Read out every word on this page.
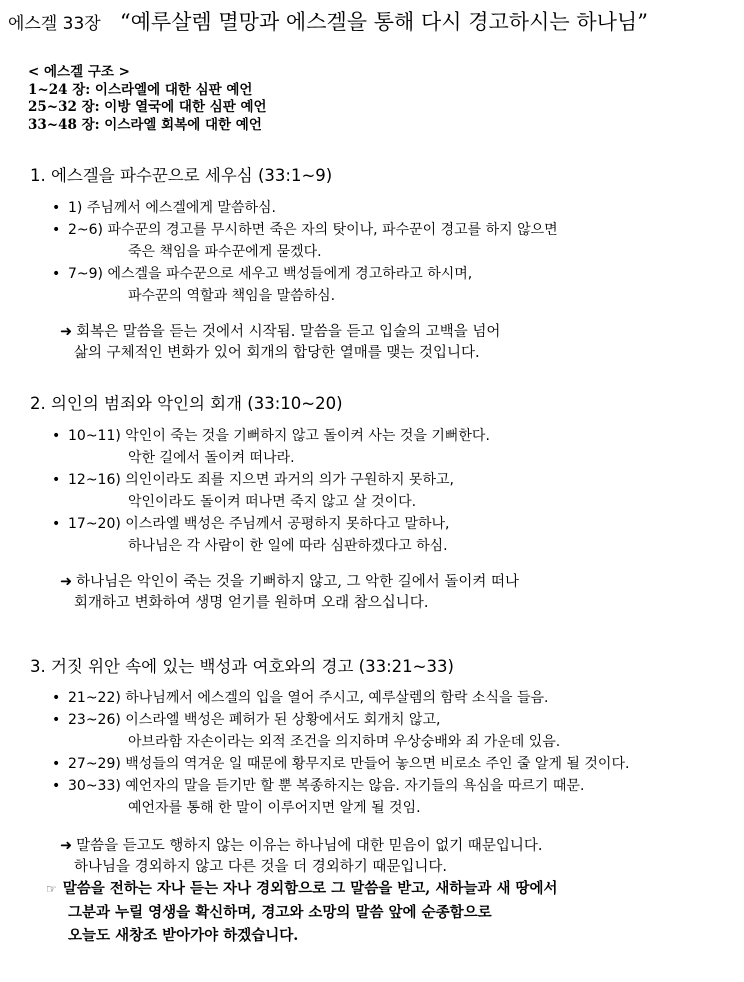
에스겔 33장 “예루살렘 멸망과 에스겔을 통해 다시 경고하시는 하나님”
< 에스겔 구조 >
1~24 장: 이스라엘에 대한 심판 예언
25~32 장: 이방 열국에 대한 심판 예언
33~48 장: 이스라엘 회복에 대한 예언
1. 에스겔을 파수꾼으로 세우심 (33:1~9)
• 1) 주님께서 에스겔에게 말씀하심.
• 2~6) 파수꾼의 경고를 무시하면 죽은 자의 탓이나, 파수꾼이 경고를 하지 않으면
죽은 책임을 파수꾼에게 묻겠다.
• 7~9) 에스겔을 파수꾼으로 세우고 백성들에게 경고하라고 하시며,
파수꾼의 역할과 책임을 말씀하심.
➜ 회복은 말씀을 듣는 것에서 시작됨. 말씀을 듣고 입술의 고백을 넘어
삶의 구체적인 변화가 있어 회개의 합당한 열매를 맺는 것입니다.
2. 의인의 범죄와 악인의 회개 (33:10~20)
• 10~11) 악인이 죽는 것을 기뻐하지 않고 돌이켜 사는 것을 기뻐한다.
악한 길에서 돌이켜 떠나라.
• 12~16) 의인이라도 죄를 지으면 과거의 의가 구원하지 못하고,
악인이라도 돌이켜 떠나면 죽지 않고 살 것이다.
• 17~20) 이스라엘 백성은 주님께서 공평하지 못하다고 말하나,
하나님은 각 사람이 한 일에 따라 심판하겠다고 하심.
➜ 하나님은 악인이 죽는 것을 기뻐하지 않고, 그 악한 길에서 돌이켜 떠나
회개하고 변화하여 생명 얻기를 원하며 오래 참으십니다.
3. 거짓 위안 속에 있는 백성과 여호와의 경고 (33:21~33)
• 21~22) 하나님께서 에스겔의 입을 열어 주시고, 예루살렘의 함락 소식을 들음.
• 23~26) 이스라엘 백성은 폐허가 된 상황에서도 회개치 않고,
아브라함 자손이라는 외적 조건을 의지하며 우상숭배와 죄 가운데 있음.
• 27~29) 백성들의 역겨운 일 때문에 황무지로 만들어 놓으면 비로소 주인 줄 알게 될 것이다.
• 30~33) 예언자의 말을 듣기만 할 뿐 복종하지는 않음. 자기들의 욕심을 따르기 때문.
예언자를 통해 한 말이 이루어지면 알게 될 것임.
➜ 말씀을 듣고도 행하지 않는 이유는 하나님에 대한 믿음이 없기 때문입니다.
하나님을 경외하지 않고 다른 것을 더 경외하기 때문입니다.
☞ 말씀을 전하는 자나 듣는 자나 경외함으로 그 말씀을 받고, 새하늘과 새 땅에서
그분과 누릴 영생을 확신하며, 경고와 소망의 말씀 앞에 순종함으로
오늘도 새창조 받아가야 하겠습니다.
